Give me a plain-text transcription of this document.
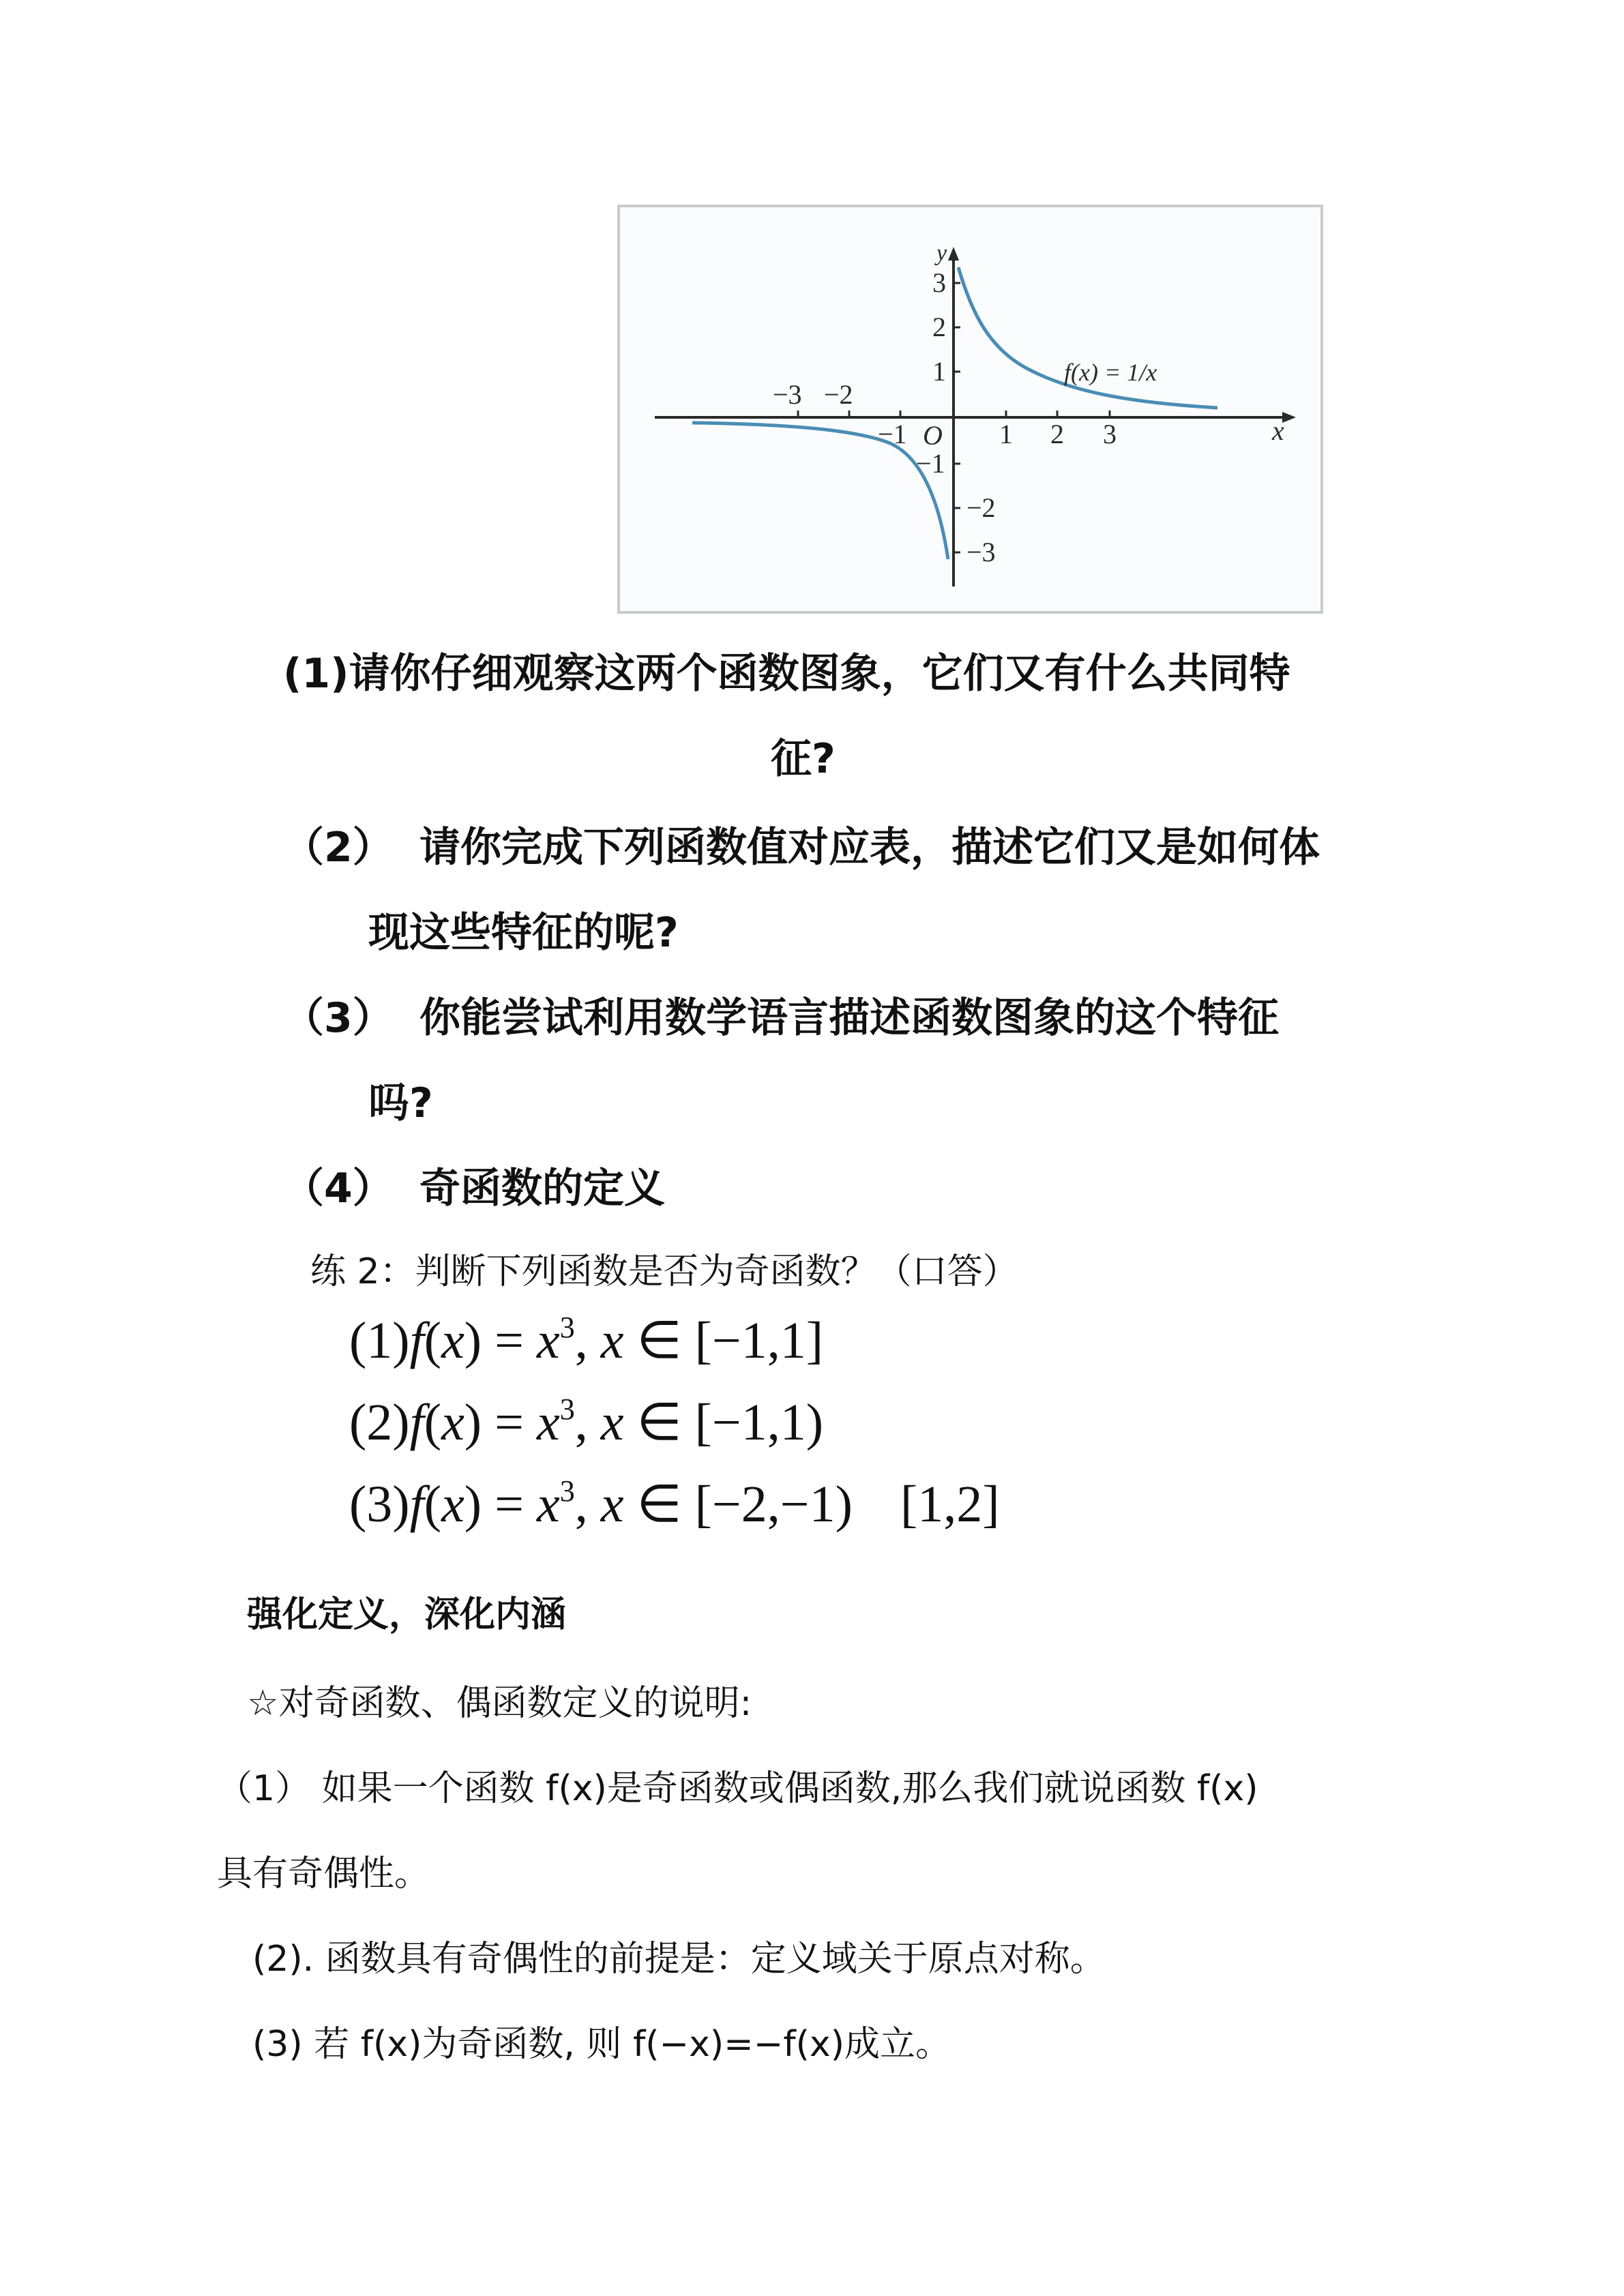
1 2 3
−3 −2
−1 O
3
2
1
−1
−2
−3
x
y
f(x) = 1/x
(1)请你仔细观察这两个函数图象，它们又有什么共同特
征?
（2） 请你完成下列函数值对应表，描述它们又是如何体
现这些特征的呢?
（3） 你能尝试利用数学语言描述函数图象的这个特征
吗?
（4） 奇函数的定义
练 2：判断下列函数是否为奇函数？（口答）
$(1)f(x) = x^3$, x ∈ [−1,1]
$(2)f(x) = x^3$, x ∈ [−1,1)
$(3)f(x) = x^3$, x ∈ [−2,−1) [1,2]
强化定义，深化内涵
☆对奇函数、偶函数定义的说明:
（1） 如果一个函数 f(x)是奇函数或偶函数,那么我们就说函数 f(x)
具有奇偶性。
(2). 函数具有奇偶性的前提是：定义域关于原点对称。
(3) 若 f(x)为奇函数, 则 f(−x)=−f(x)成立。
